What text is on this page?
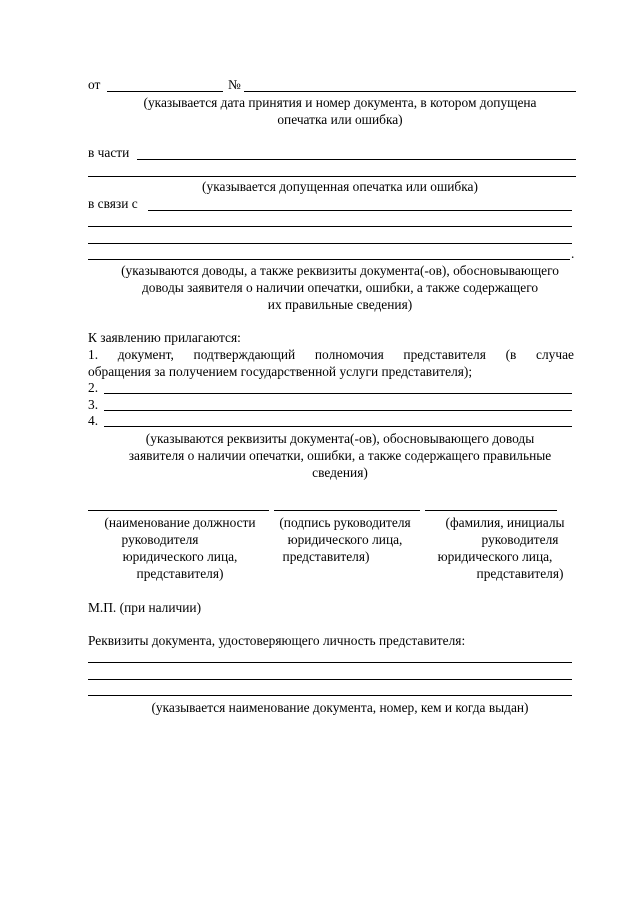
от	№
(указывается дата принятия и номер документа, в котором допущена
опечатка или ошибка)
в части
(указывается допущенная опечатка или ошибка)
в связи с
.
(указываются доводы, а также реквизиты документа(-ов), обосновывающего
доводы заявителя о наличии опечатки, ошибки, а также содержащего
их правильные сведения)
К заявлению прилагаются:
1. документ, подтверждающий полномочия представителя (в случае
обращения за получением государственной услуги представителя);
2.
3.
4.
(указываются реквизиты документа(-ов), обосновывающего доводы
заявителя о наличии опечатки, ошибки, а также содержащего правильные
сведения)
(наименование должности
руководителя
юридического лица,
представителя)
(подпись руководителя
юридического лица,
представителя)
(фамилия, инициалы
руководителя
юридического лица,
представителя)
М.П. (при наличии)
Реквизиты документа, удостоверяющего личность представителя:
(указывается наименование документа, номер, кем и когда выдан)
